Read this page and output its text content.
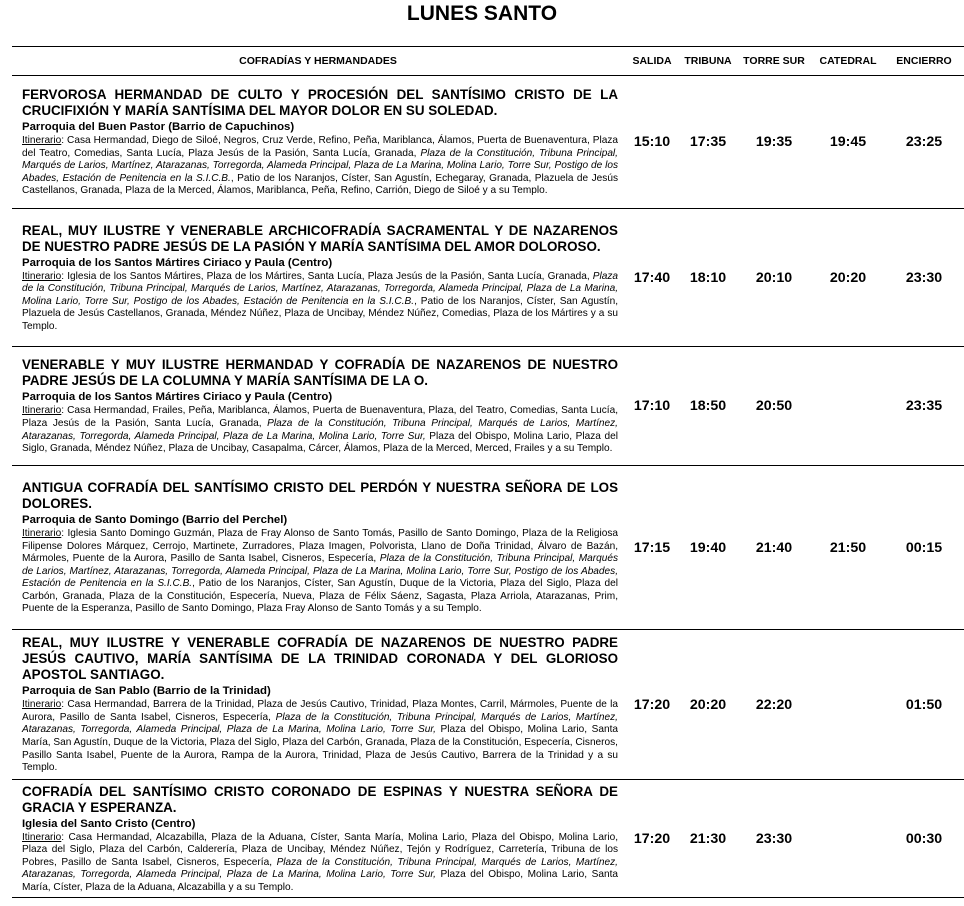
LUNES SANTO
COFRADÍAS Y HERMANDADES	SALIDA	TRIBUNA	TORRE SUR	CATEDRAL	ENCIERRO

FERVOROSA HERMANDAD DE CULTO Y PROCESIÓN DEL SANTÍSIMO CRISTO DE LA CRUCIFIXIÓN Y MARÍA SANTÍSIMA DEL MAYOR DOLOR EN SU SOLEDAD.
Parroquia del Buen Pastor (Barrio de Capuchinos)
Itinerario: Casa Hermandad, Diego de Siloé, Negros, Cruz Verde, Refino, Peña, Mariblanca, Álamos, Puerta de Buenaventura, Plaza del Teatro, Comedias, Santa Lucía, Plaza Jesús de la Pasión, Santa Lucía, Granada, Plaza de la Constitución, Tribuna Principal, Marqués de Larios, Martínez, Atarazanas, Torregorda, Alameda Principal, Plaza de La Marina, Molina Lario, Torre Sur, Postigo de los Abades, Estación de Penitencia en la S.I.C.B., Patio de los Naranjos, Císter, San Agustín, Echegaray, Granada, Plazuela de Jesús Castellanos, Granada, Plaza de la Merced, Álamos, Mariblanca, Peña, Refino, Carrión, Diego de Siloé y a su Templo.	15:10	17:35	19:35	19:45	23:25

REAL, MUY ILUSTRE Y VENERABLE ARCHICOFRADÍA SACRAMENTAL Y DE NAZARENOS DE NUESTRO PADRE JESÚS DE LA PASIÓN Y MARÍA SANTÍSIMA DEL AMOR DOLOROSO.
Parroquia de los Santos Mártires Ciriaco y Paula (Centro)
Itinerario: Iglesia de los Santos Mártires, Plaza de los Mártires, Santa Lucía, Plaza Jesús de la Pasión, Santa Lucía, Granada, Plaza de la Constitución, Tribuna Principal, Marqués de Larios, Martínez, Atarazanas, Torregorda, Alameda Principal, Plaza de La Marina, Molina Lario, Torre Sur, Postigo de los Abades, Estación de Penitencia en la S.I.C.B., Patio de los Naranjos, Císter, San Agustín, Plazuela de Jesús Castellanos, Granada, Méndez Núñez, Plaza de Uncibay, Méndez Núñez, Comedias, Plaza de los Mártires y a su Templo.	17:40	18:10	20:10	20:20	23:30

VENERABLE Y MUY ILUSTRE HERMANDAD Y COFRADÍA DE NAZARENOS DE NUESTRO PADRE JESÚS DE LA COLUMNA Y MARÍA SANTÍSIMA DE LA O.
Parroquia de los Santos Mártires Ciriaco y Paula (Centro)
Itinerario: Casa Hermandad, Frailes, Peña, Mariblanca, Álamos, Puerta de Buenaventura, Plaza, del Teatro, Comedias, Santa Lucía, Plaza Jesús de la Pasión, Santa Lucía, Granada, Plaza de la Constitución, Tribuna Principal, Marqués de Larios, Martínez, Atarazanas, Torregorda, Alameda Principal, Plaza de La Marina, Molina Lario, Torre Sur, Plaza del Obispo, Molina Lario, Plaza del Siglo, Granada, Méndez Núñez, Plaza de Uncibay, Casapalma, Cárcer, Álamos, Plaza de la Merced, Merced, Frailes y a su Templo.	17:10	18:50	20:50		23:35

ANTIGUA COFRADÍA DEL SANTÍSIMO CRISTO DEL PERDÓN Y NUESTRA SEÑORA DE LOS DOLORES.
Parroquia de Santo Domingo (Barrio del Perchel)
Itinerario: Iglesia Santo Domingo Guzmán, Plaza de Fray Alonso de Santo Tomás, Pasillo de Santo Domingo, Plaza de la Religiosa Filipense Dolores Márquez, Cerrojo, Martinete, Zurradores, Plaza Imagen, Polvorista, Llano de Doña Trinidad, Álvaro de Bazán, Mármoles, Puente de la Aurora, Pasillo de Santa Isabel, Cisneros, Especería, Plaza de la Constitución, Tribuna Principal, Marqués de Larios, Martínez, Atarazanas, Torregorda, Alameda Principal, Plaza de La Marina, Molina Lario, Torre Sur, Postigo de los Abades, Estación de Penitencia en la S.I.C.B., Patio de los Naranjos, Císter, San Agustín, Duque de la Victoria, Plaza del Siglo, Plaza del Carbón, Granada, Plaza de la Constitución, Especería, Nueva, Plaza de Félix Sáenz, Sagasta, Plaza Arriola, Atarazanas, Prim, Puente de la Esperanza, Pasillo de Santo Domingo, Plaza Fray Alonso de Santo Tomás y a su Templo.	17:15	19:40	21:40	21:50	00:15

REAL, MUY ILUSTRE Y VENERABLE COFRADÍA DE NAZARENOS DE NUESTRO PADRE JESÚS CAUTIVO, MARÍA SANTÍSIMA DE LA TRINIDAD CORONADA Y DEL GLORIOSO APOSTOL SANTIAGO.
Parroquia de San Pablo (Barrio de la Trinidad)
Itinerario: Casa Hermandad, Barrera de la Trinidad, Plaza de Jesús Cautivo, Trinidad, Plaza Montes, Carril, Mármoles, Puente de la Aurora, Pasillo de Santa Isabel, Cisneros, Especería, Plaza de la Constitución, Tribuna Principal, Marqués de Larios, Martínez, Atarazanas, Torregorda, Alameda Principal, Plaza de La Marina, Molina Lario, Torre Sur, Plaza del Obispo, Molina Lario, Santa María, San Agustín, Duque de la Victoria, Plaza del Siglo, Plaza del Carbón, Granada, Plaza de la Constitución, Especería, Cisneros, Pasillo Santa Isabel, Puente de la Aurora, Rampa de la Aurora, Trinidad, Plaza de Jesús Cautivo, Barrera de la Trinidad y a su Templo.	17:20	20:20	22:20		01:50

COFRADÍA DEL SANTÍSIMO CRISTO CORONADO DE ESPINAS Y NUESTRA SEÑORA DE GRACIA Y ESPERANZA.
Iglesia del Santo Cristo (Centro)
Itinerario: Casa Hermandad, Alcazabilla, Plaza de la Aduana, Císter, Santa María, Molina Lario, Plaza del Obispo, Molina Lario, Plaza del Siglo, Plaza del Carbón, Calderería, Plaza de Uncibay, Méndez Núñez, Tejón y Rodríguez, Carretería, Tribuna de los Pobres, Pasillo de Santa Isabel, Cisneros, Especería, Plaza de la Constitución, Tribuna Principal, Marqués de Larios, Martínez, Atarazanas, Torregorda, Alameda Principal, Plaza de La Marina, Molina Lario, Torre Sur, Plaza del Obispo, Molina Lario, Santa María, Císter, Plaza de la Aduana, Alcazabilla y a su Templo.	17:20	21:30	23:30		00:30
